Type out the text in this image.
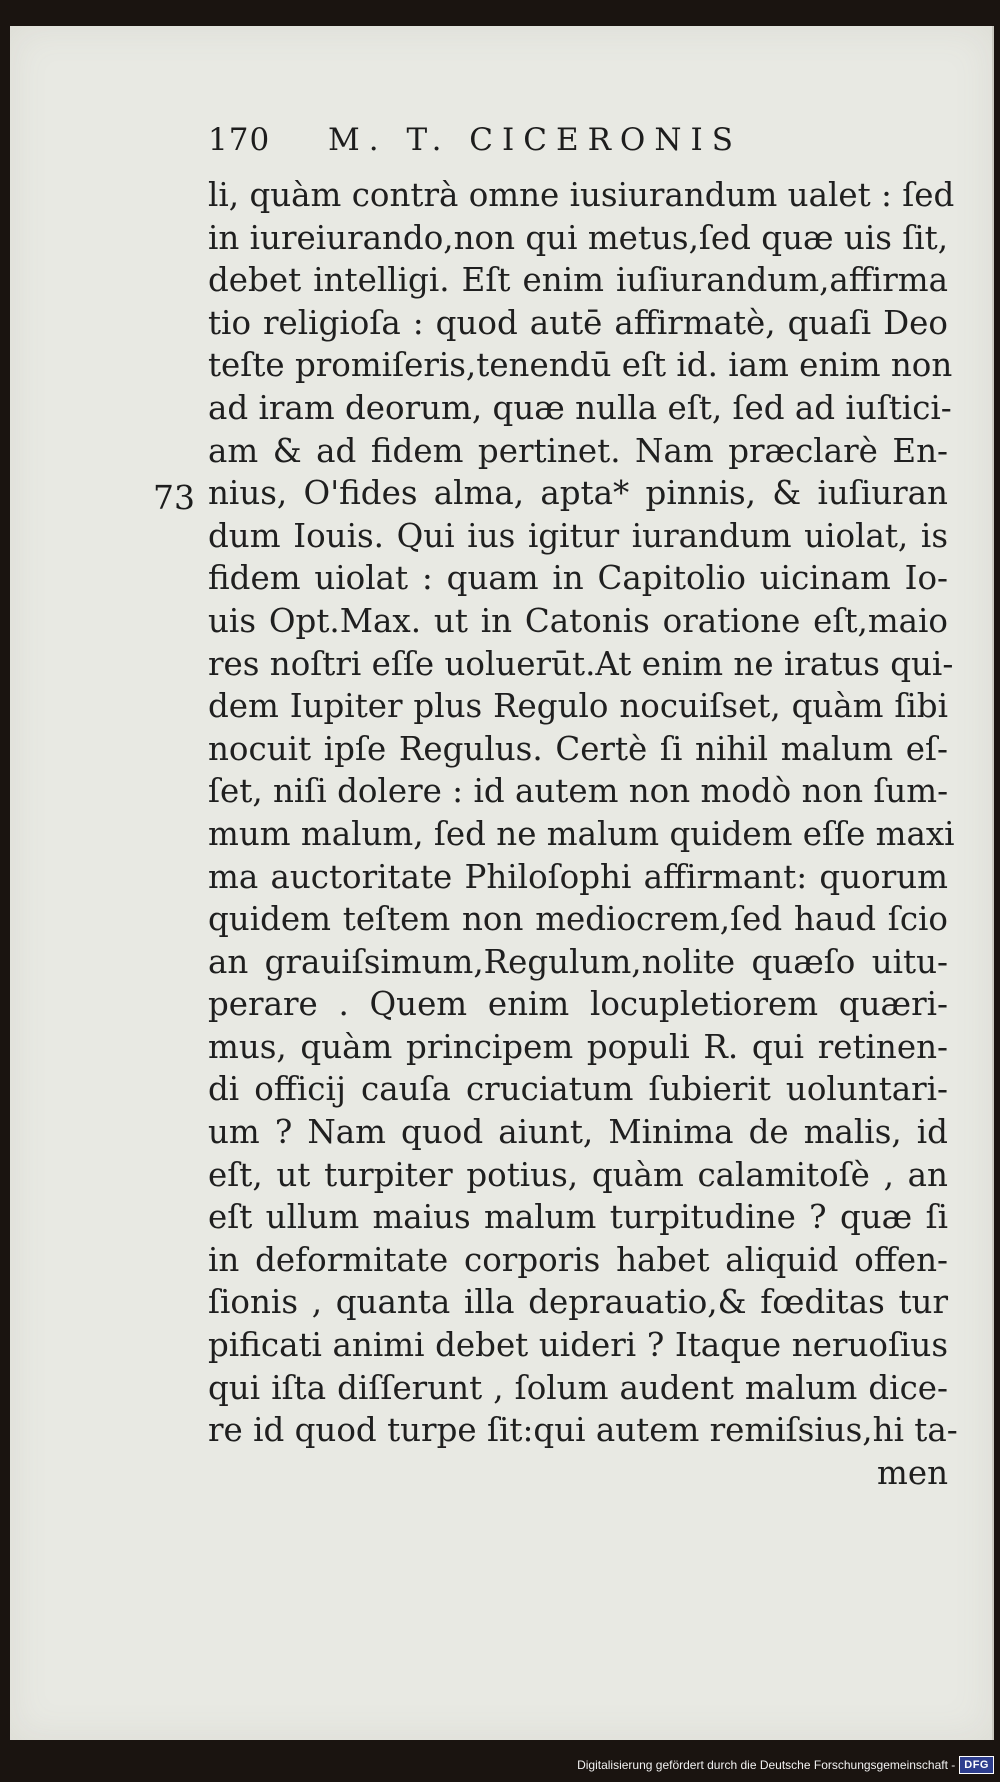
170 M. T. CICERONIS
73
li, quàm contrà omne iusiurandum ualet : ſed
in iureiurando,non qui metus,ſed quæ uis ſit,
debet intelligi. Eſt enim iuſiurandum,affirma
tio religioſa : quod autē affirmatè, quaſi Deo
teſte promiſeris,tenendū eſt id. iam enim non
ad iram deorum, quæ nulla eſt, ſed ad iuſtici-
am & ad fidem pertinet. Nam præclarè En-
nius, O'fides alma, apta* pinnis, & iuſiuran
dum Iouis. Qui ius igitur iurandum uiolat, is
fidem uiolat : quam in Capitolio uicinam Io-
uis Opt.Max. ut in Catonis oratione eſt,maio
res noſtri eſſe uoluerūt.At enim ne iratus qui-
dem Iupiter plus Regulo nocuiſset, quàm ſibi
nocuit ipſe Regulus. Certè ſi nihil malum eſ-
ſet, niſi dolere : id autem non modò non ſum-
mum malum, ſed ne malum quidem eſſe maxi
ma auctoritate Philoſophi affirmant: quorum
quidem teſtem non mediocrem,ſed haud ſcio
an grauiſsimum,Regulum,nolite quæſo uitu-
perare . Quem enim locupletiorem quæri-
mus, quàm principem populi R. qui retinen-
di officij cauſa cruciatum ſubierit uoluntari-
um ? Nam quod aiunt, Minima de malis, id
eſt, ut turpiter potius, quàm calamitoſè , an
eſt ullum maius malum turpitudine ? quæ ſi
in deformitate corporis habet aliquid offen-
ſionis , quanta illa deprauatio,& fœditas tur
pificati animi debet uideri ? Itaque neruoſius
qui iſta diſſerunt , ſolum audent malum dice-
re id quod turpe ſit:qui autem remiſsius,hi ta-
men
Digitalisierung gefördert durch die Deutsche Forschungsgemeinschaft - DFG
